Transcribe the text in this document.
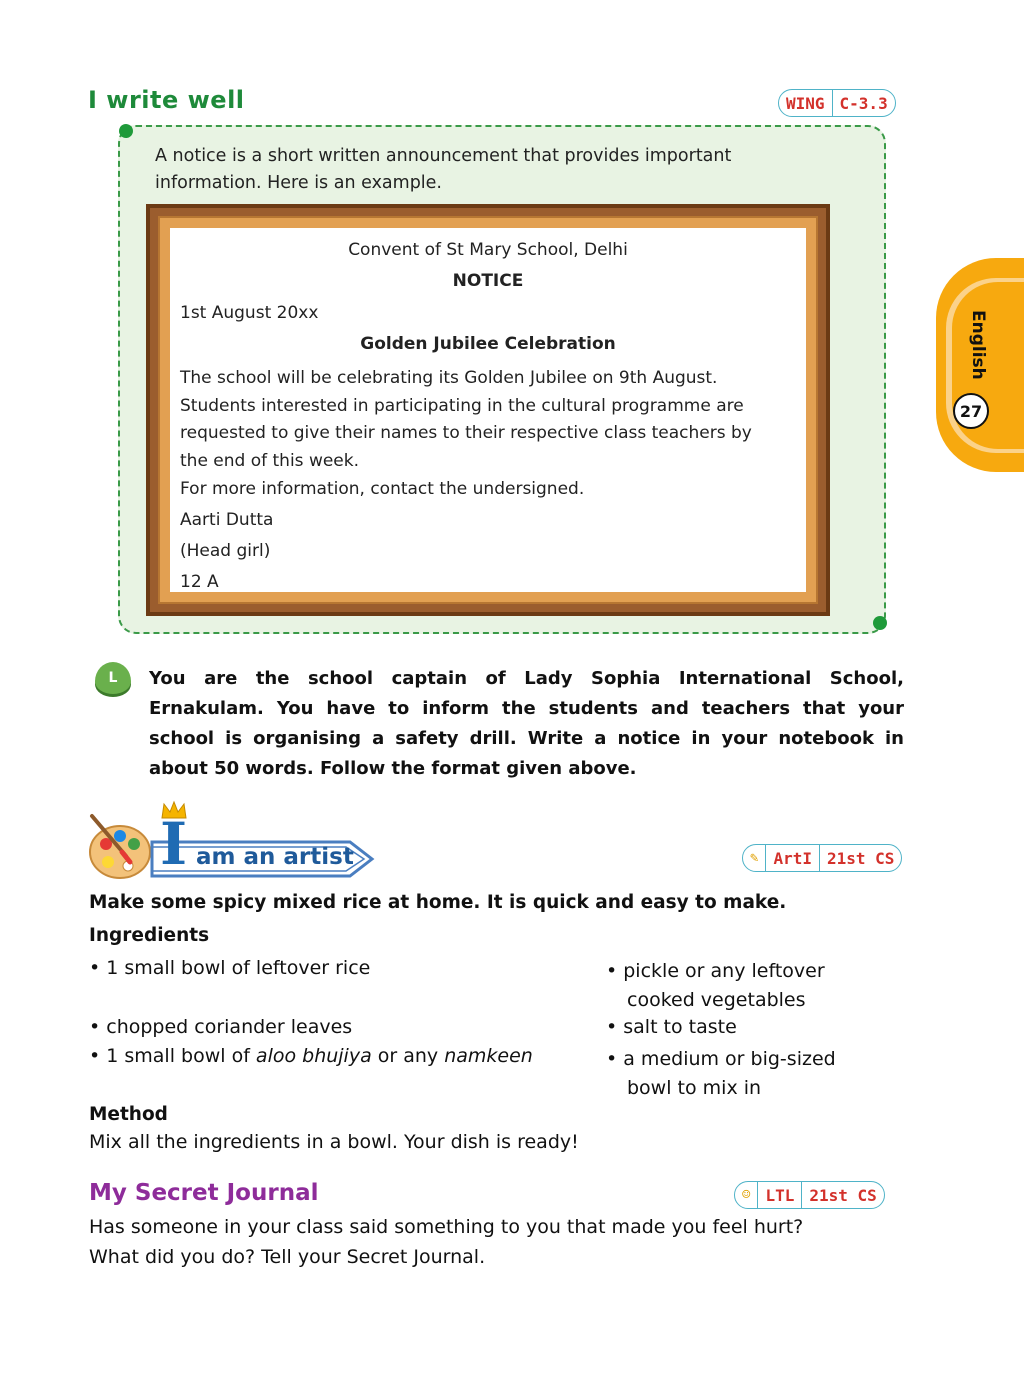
I write well	WING C-3.3
A notice is a short written announcement that provides important
information. Here is an example.
Convent of St Mary School, Delhi
NOTICE
1st August 20xx
Golden Jubilee Celebration
The school will be celebrating its Golden Jubilee on 9th August.
Students interested in participating in the cultural programme are
requested to give their names to their respective class teachers by
the end of this week.
For more information, contact the undersigned.
Aarti Dutta
(Head girl)
12 A
English
27
L	You are the school captain of Lady Sophia International School, Ernakulam. You have to inform the students and teachers that your school is organising a safety drill. Write a notice in your notebook in about 50 words. Follow the format given above.
I am an artist	✎ ArtI 21st CS
Make some spicy mixed rice at home. It is quick and easy to make.
Ingredients
• 1 small bowl of leftover rice
• chopped coriander leaves
• 1 small bowl of aloo bhujiya or any namkeen
• pickle or any leftover
cooked vegetables
• salt to taste
• a medium or big-sized
bowl to mix in
Method
Mix all the ingredients in a bowl. Your dish is ready!
My Secret Journal	☺ LTL 21st CS
Has someone in your class said something to you that made you feel hurt?
What did you do? Tell your Secret Journal.
